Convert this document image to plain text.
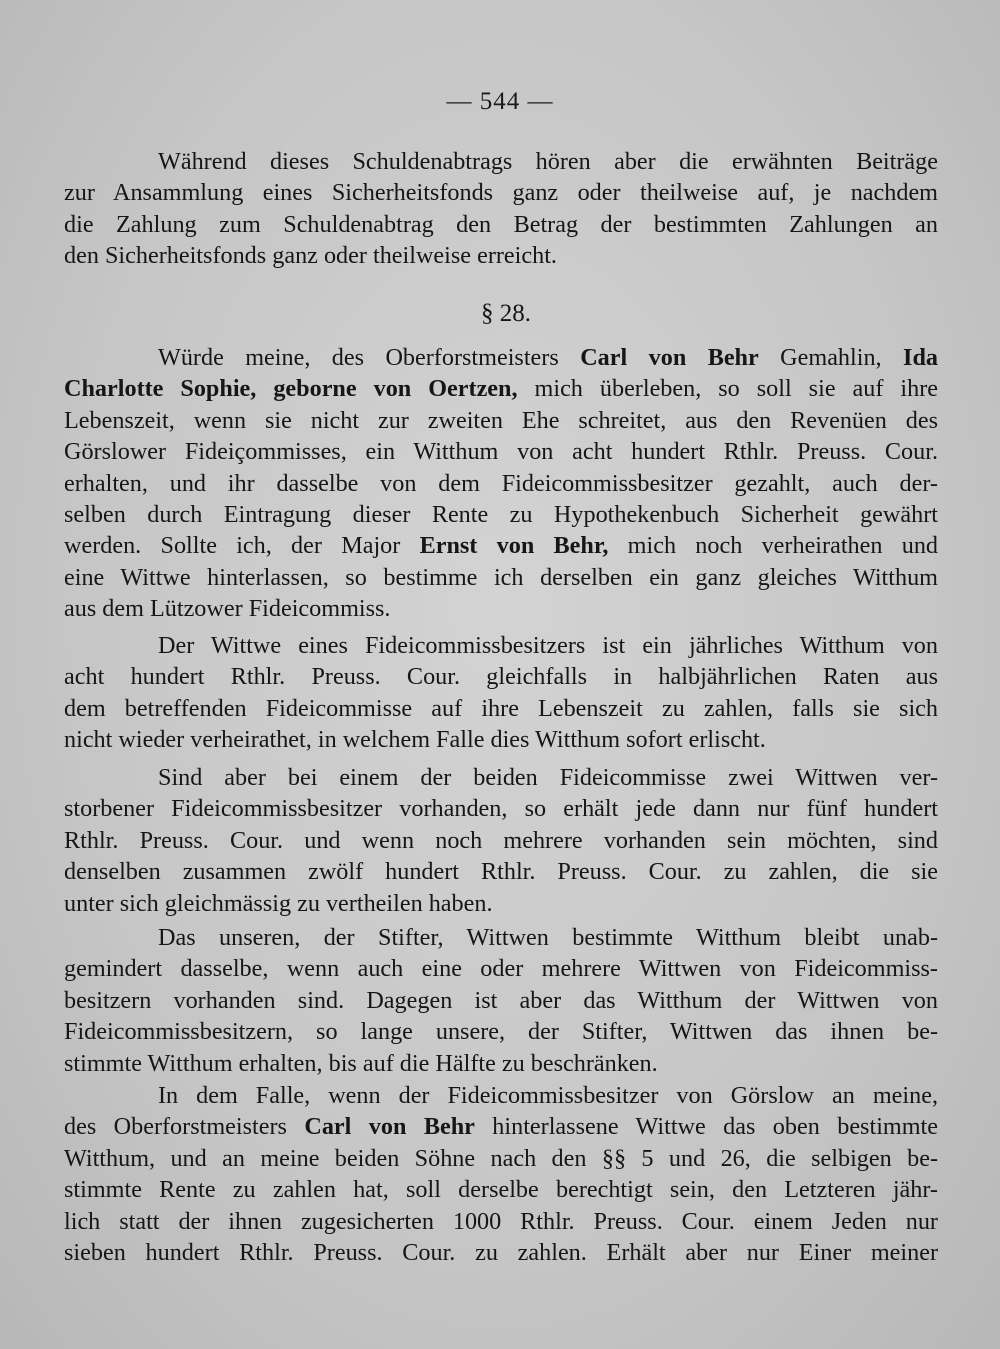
— 544 —
Während dieses Schuldenabtrags hören aber die erwähnten Beiträge
zur Ansammlung eines Sicherheitsfonds ganz oder theilweise auf, je nachdem
die Zahlung zum Schuldenabtrag den Betrag der bestimmten Zahlungen an
den Sicherheitsfonds ganz oder theilweise erreicht.
§ 28.
Würde meine, des Oberforstmeisters Carl von Behr Gemahlin, Ida
Charlotte Sophie, geborne von Oertzen, mich überleben, so soll sie auf ihre
Lebenszeit, wenn sie nicht zur zweiten Ehe schreitet, aus den Revenüen des
Görslower Fideiçommisses, ein Witthum von acht hundert Rthlr. Preuss. Cour.
erhalten, und ihr dasselbe von dem Fideicommissbesitzer gezahlt, auch der-
selben durch Eintragung dieser Rente zu Hypothekenbuch Sicherheit gewährt
werden. Sollte ich, der Major Ernst von Behr, mich noch verheirathen und
eine Wittwe hinterlassen, so bestimme ich derselben ein ganz gleiches Witthum
aus dem Lützower Fideicommiss.
Der Wittwe eines Fideicommissbesitzers ist ein jährliches Witthum von
acht hundert Rthlr. Preuss. Cour. gleichfalls in halbjährlichen Raten aus
dem betreffenden Fideicommisse auf ihre Lebenszeit zu zahlen, falls sie sich
nicht wieder verheirathet, in welchem Falle dies Witthum sofort erlischt.
Sind aber bei einem der beiden Fideicommisse zwei Wittwen ver-
storbener Fideicommissbesitzer vorhanden, so erhält jede dann nur fünf hundert
Rthlr. Preuss. Cour. und wenn noch mehrere vorhanden sein möchten, sind
denselben zusammen zwölf hundert Rthlr. Preuss. Cour. zu zahlen, die sie
unter sich gleichmässig zu vertheilen haben.
Das unseren, der Stifter, Wittwen bestimmte Witthum bleibt unab-
gemindert dasselbe, wenn auch eine oder mehrere Wittwen von Fideicommiss-
besitzern vorhanden sind. Dagegen ist aber das Witthum der Wittwen von
Fideicommissbesitzern, so lange unsere, der Stifter, Wittwen das ihnen be-
stimmte Witthum erhalten, bis auf die Hälfte zu beschränken.
In dem Falle, wenn der Fideicommissbesitzer von Görslow an meine,
des Oberforstmeisters Carl von Behr hinterlassene Wittwe das oben bestimmte
Witthum, und an meine beiden Söhne nach den §§ 5 und 26, die selbigen be-
stimmte Rente zu zahlen hat, soll derselbe berechtigt sein, den Letzteren jähr-
lich statt der ihnen zugesicherten 1000 Rthlr. Preuss. Cour. einem Jeden nur
sieben hundert Rthlr. Preuss. Cour. zu zahlen. Erhält aber nur Einer meiner
